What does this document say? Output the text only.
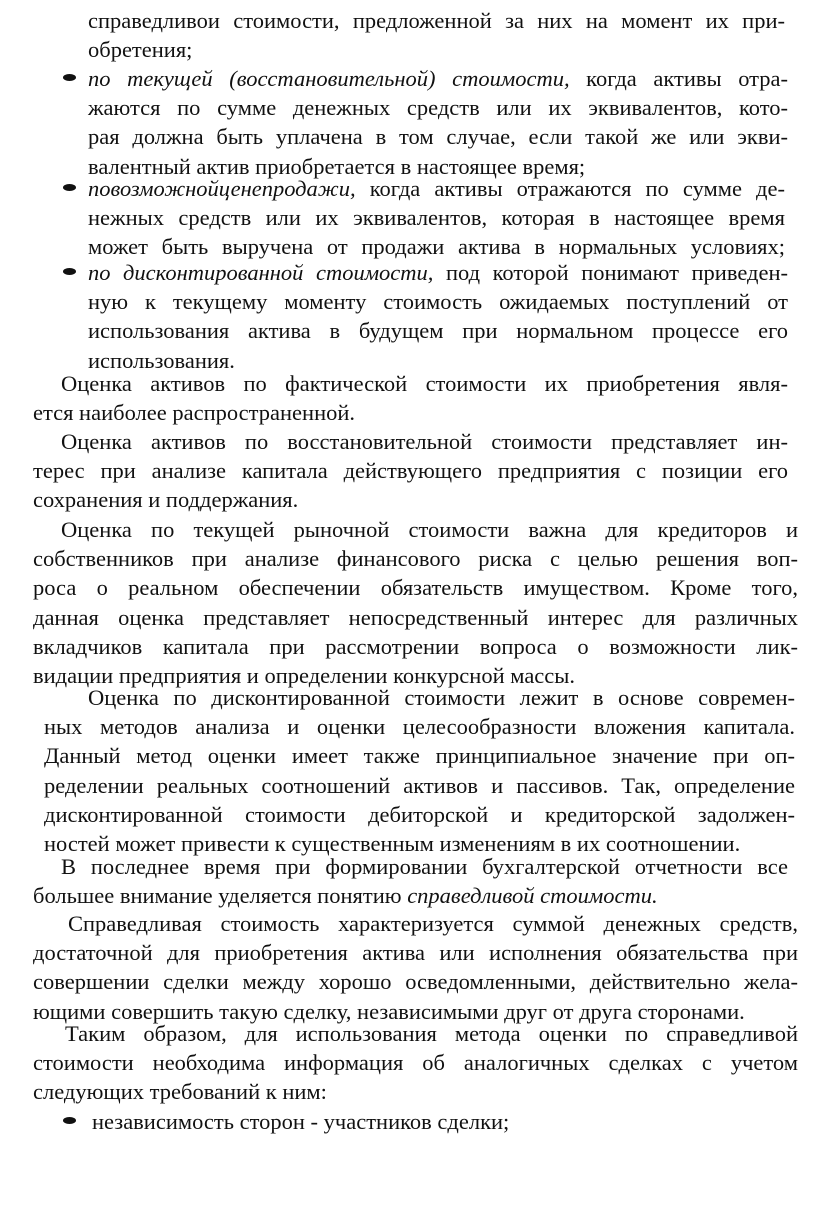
справедливои стоимости, предложенной за них на момент их при-
обретения;
по текущей (восстановительной) стоимости, когда активы отра-
жаются по сумме денежных средств или их эквивалентов, кото-
рая должна быть уплачена в том случае, если такой же или экви-
валентный актив приобретается в настоящее время;
повозможнойценепродажи, когда активы отражаются по сумме де-
нежных средств или их эквивалентов, которая в настоящее время
может быть выручена от продажи актива в нормальных условиях;
по дисконтированной стоимости, под которой понимают приведен-
ную к текущему моменту стоимость ожидаемых поступлений от
использования актива в будущем при нормальном процессе его
использования.
Оценка активов по фактической стоимости их приобретения явля-
ется наиболее распространенной.
Оценка активов по восстановительной стоимости представляет ин-
терес при анализе капитала действующего предприятия с позиции его
сохранения и поддержания.
Оценка по текущей рыночной стоимости важна для кредиторов и
собственников при анализе финансового риска с целью решения воп-
роса о реальном обеспечении обязательств имуществом. Кроме того,
данная оценка представляет непосредственный интерес для различных
вкладчиков капитала при рассмотрении вопроса о возможности лик-
видации предприятия и определении конкурсной массы.
Оценка по дисконтированной стоимости лежит в основе современ-
ных методов анализа и оценки целесообразности вложения капитала.
Данный метод оценки имеет также принципиальное значение при оп-
ределении реальных соотношений активов и пассивов. Так, определение
дисконтированной стоимости дебиторской и кредиторской задолжен-
ностей может привести к существенным изменениям в их соотношении.
В последнее время при формировании бухгалтерской отчетности все
большее внимание уделяется понятию справедливой стоимости.
Справедливая стоимость характеризуется суммой денежных средств,
достаточной для приобретения актива или исполнения обязательства при
совершении сделки между хорошо осведомленными, действительно жела-
ющими совершить такую сделку, независимыми друг от друга сторонами.
Таким образом, для использования метода оценки по справедливой
стоимости необходима информация об аналогичных сделках с учетом
следующих требований к ним:
независимость сторон - участников сделки;
